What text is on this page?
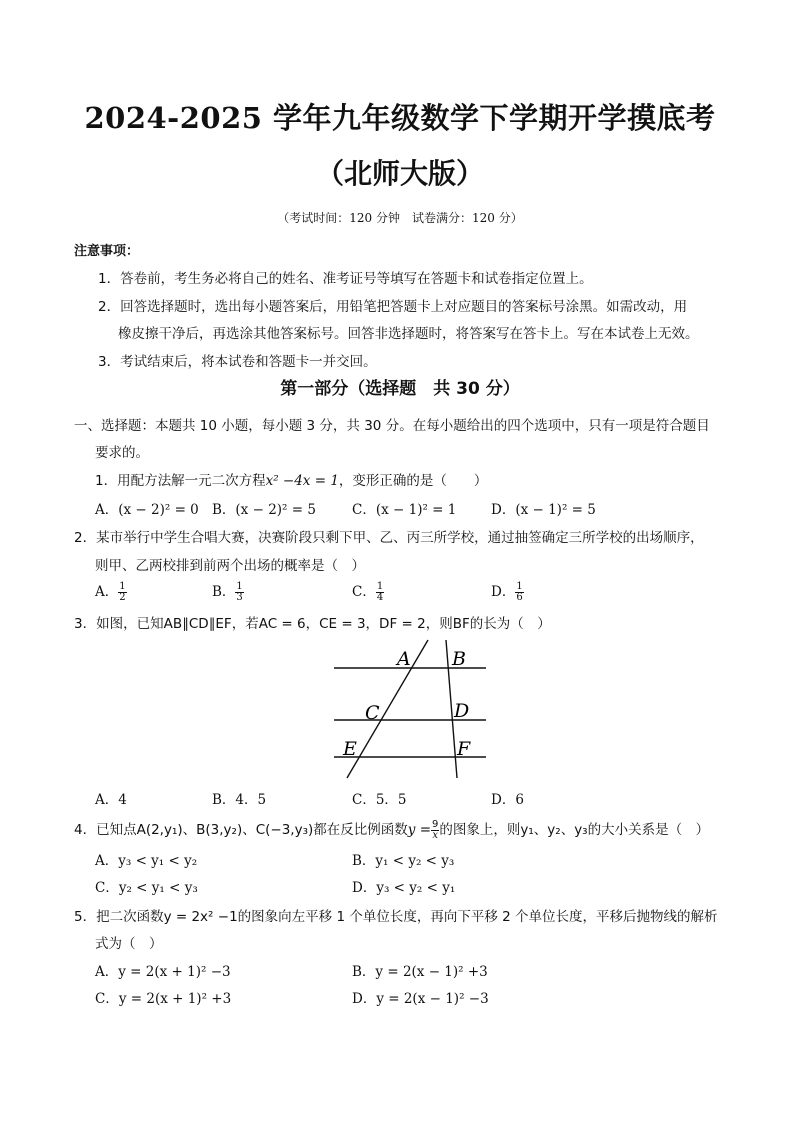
2024-2025 学年九年级数学下学期开学摸底考
（北师大版）
（考试时间：120 分钟　试卷满分：120 分）
注意事项：
1．答卷前，考生务必将自己的姓名、准考证号等填写在答题卡和试卷指定位置上。
2．回答选择题时，选出每小题答案后，用铅笔把答题卡上对应题目的答案标号涂黑。如需改动，用
橡皮擦干净后，再选涂其他答案标号。回答非选择题时，将答案写在答卡上。写在本试卷上无效。
3．考试结束后，将本试卷和答题卡一并交回。
第一部分（选择题　共 30 分）
一、选择题：本题共 10 小题，每小题 3 分，共 30 分。在每小题给出的四个选项中，只有一项是符合题目
要求的。
1．用配方法解一元二次方程x² −4x = 1，变形正确的是（　　）
A．(x − 2)² = 0 B．(x − 2)² = 5	C．(x − 1)² = 1	D．(x − 1)² = 5
2．某市举行中学生合唱大赛，决赛阶段只剩下甲、乙、丙三所学校，通过抽签确定三所学校的出场顺序，
则甲、乙两校排到前两个出场的概率是（　）
A． $\frac{1}{2}$	B． $\frac{1}{3}$	C． $\frac{1}{4}$	D． $\frac{1}{6}$
3．如图，已知AB∥CD∥EF，若AC = 6，CE = 3，DF = 2，则BF的长为（　）
A B
C	D
E	F
A．4	B．4．5	C．5．5	D．6
4．已知点A(2,y₁)、B(3,y₂)、C(−3,y₃)都在反比例函数$y = \frac{9}{x}$ 的图象上，则y₁、y₂、y₃的大小关系是（　）
A．y₃ < y₁ < y₂	B．y₁ < y₂ < y₃
C．y₂ < y₁ < y₃	D．y₃ < y₂ < y₁
5．把二次函数y = 2x² −1的图象向左平移 1 个单位长度，再向下平移 2 个单位长度，平移后抛物线的解析
式为（　）
A．y = 2(x + 1)² −3	B．y = 2(x − 1)² +3
C．y = 2(x + 1)² +3	D．y = 2(x − 1)² −3
